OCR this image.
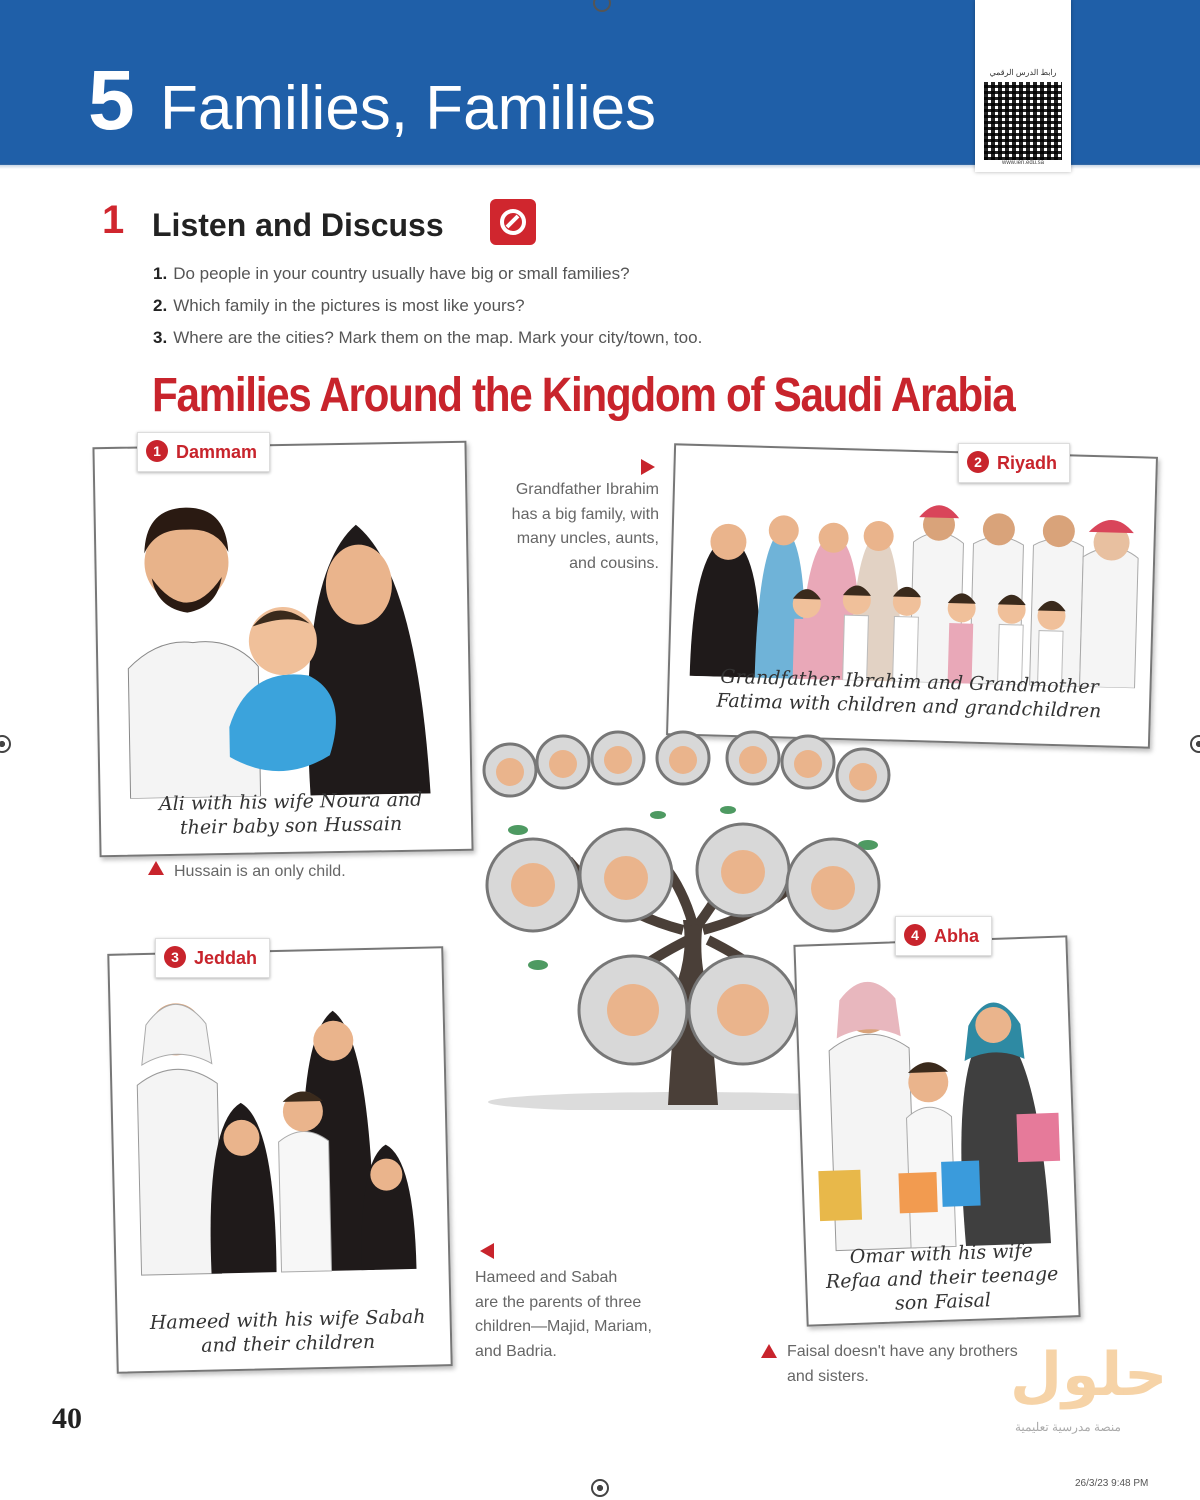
5 Families, Families
رابط الدرس الرقمي
www.ien.edu.sa
1 Listen and Discuss
1. Do people in your country usually have big or small families?
2. Which family in the pictures is most like yours?
3. Where are the cities? Mark them on the map. Mark your city/town, too.
Families Around the Kingdom of Saudi Arabia
Ali with his wife Noura and
their baby son Hussain
1 Dammam
Hussain is an only child.
Grandfather Ibrahim
has a big family, with
many uncles, aunts,
and cousins.
Grandfather Ibrahim and Grandmother
Fatima with children and grandchildren
2 Riyadh
Hameed with his wife Sabah
and their children
3 Jeddah
Hameed and Sabah
are the parents of three
children—Majid, Mariam,
and Badria.
Omar with his wife
Refaa and their teenage
son Faisal
4 Abha
Faisal doesn't have any brothers
and sisters.
40
26/3/23 9:48 PM
حلول
منصة مدرسية تعليمية
